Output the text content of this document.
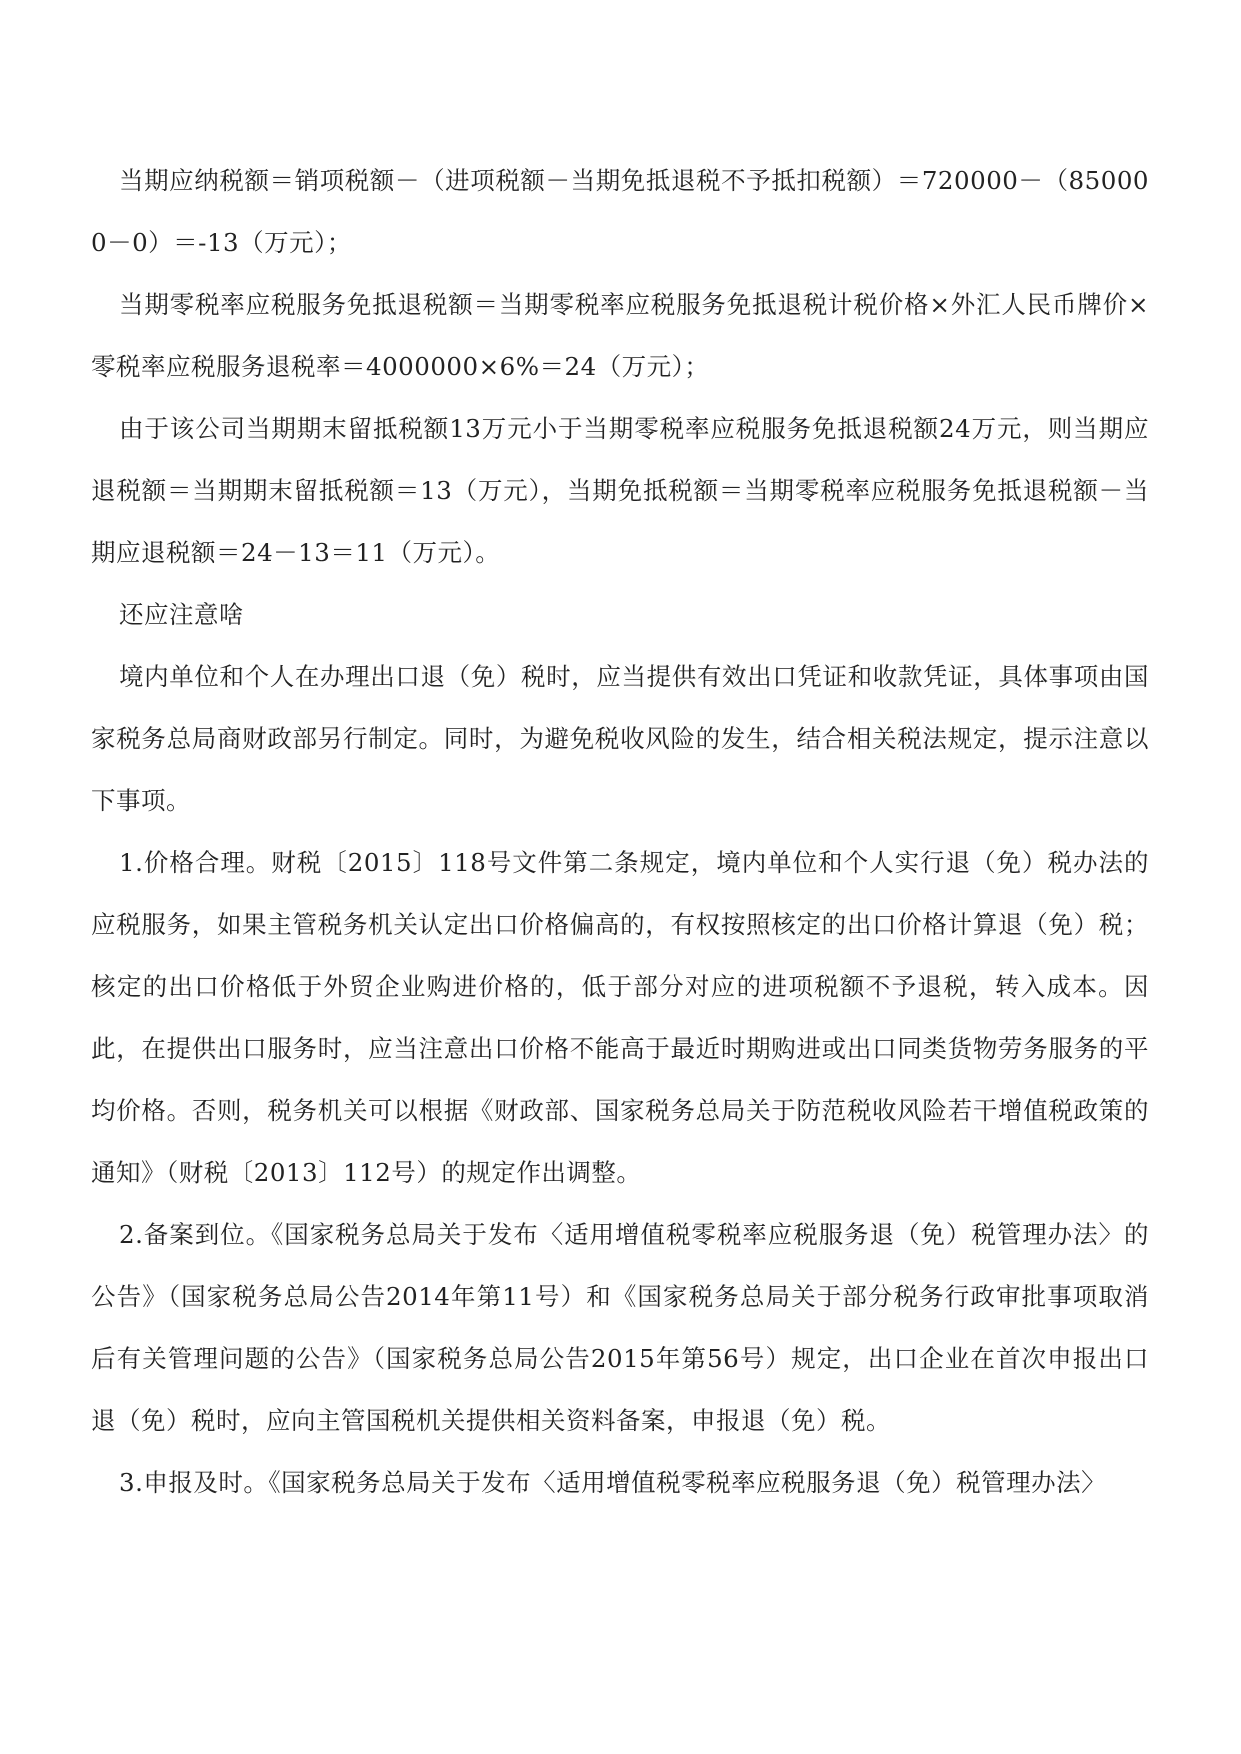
当期应纳税额＝销项税额－（进项税额－当期免抵退税不予抵扣税额）＝720000－（850000－0）＝-13（万元）；

当期零税率应税服务免抵退税额＝当期零税率应税服务免抵退税计税价格×外汇人民币牌价×零税率应税服务退税率＝4000000×6%＝24（万元）；

由于该公司当期期末留抵税额13万元小于当期零税率应税服务免抵退税额24万元，则当期应退税额＝当期期末留抵税额＝13（万元），当期免抵税额＝当期零税率应税服务免抵退税额－当期应退税额＝24－13＝11（万元）。

还应注意啥

境内单位和个人在办理出口退（免）税时，应当提供有效出口凭证和收款凭证，具体事项由国家税务总局商财政部另行制定。同时，为避免税收风险的发生，结合相关税法规定，提示注意以下事项。

1.价格合理。财税〔2015〕118号文件第二条规定，境内单位和个人实行退（免）税办法的应税服务，如果主管税务机关认定出口价格偏高的，有权按照核定的出口价格计算退（免）税；核定的出口价格低于外贸企业购进价格的，低于部分对应的进项税额不予退税，转入成本。因此，在提供出口服务时，应当注意出口价格不能高于最近时期购进或出口同类货物劳务服务的平均价格。否则，税务机关可以根据《财政部、国家税务总局关于防范税收风险若干增值税政策的通知》（财税〔2013〕112号）的规定作出调整。

2.备案到位。《国家税务总局关于发布〈适用增值税零税率应税服务退（免）税管理办法〉的公告》（国家税务总局公告2014年第11号）和《国家税务总局关于部分税务行政审批事项取消后有关管理问题的公告》（国家税务总局公告2015年第56号）规定，出口企业在首次申报出口退（免）税时，应向主管国税机关提供相关资料备案，申报退（免）税。

3.申报及时。《国家税务总局关于发布〈适用增值税零税率应税服务退（免）税管理办法〉
